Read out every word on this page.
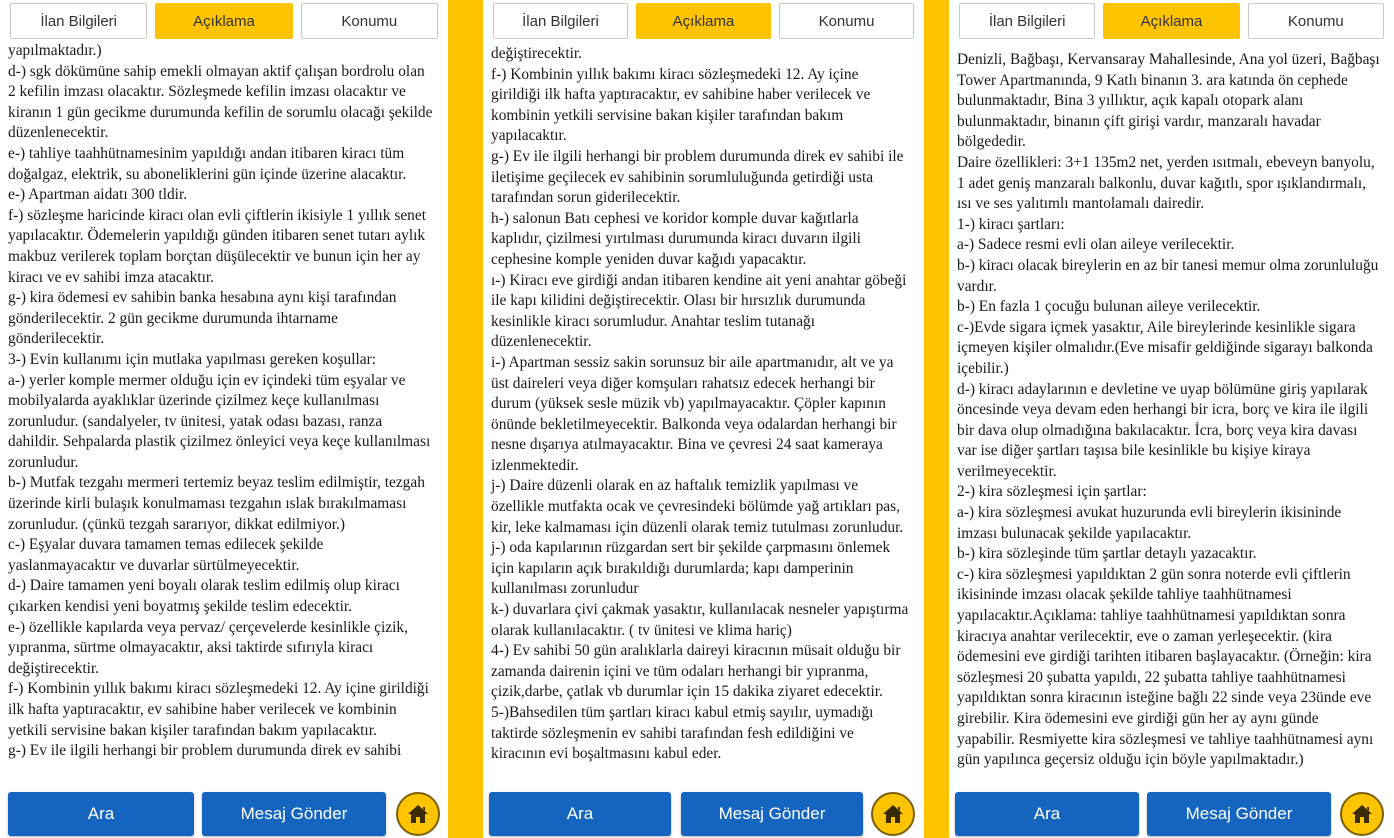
İlan Bilgileri	Açıklama	Konumu

yapılmaktadır.)

d-) sgk dökümüne sahip emekli olmayan aktif çalışan bordrolu olan 2 kefilin imzası olacaktır. Sözleşmede kefilin imzası olacaktır ve kiranın 1 gün gecikme durumunda kefilin de sorumlu olacağı şekilde düzenlenecektir.

e-) tahliye taahhütnamesinim yapıldığı andan itibaren kiracı tüm doğalgaz, elektrik, su aboneliklerini gün içinde üzerine alacaktır.

e-) Apartman aidatı 300 tldir.

f-) sözleşme haricinde kiracı olan evli çiftlerin ikisiyle 1 yıllık senet yapılacaktır. Ödemelerin yapıldığı günden itibaren senet tutarı aylık makbuz verilerek toplam borçtan düşülecektir ve bunun için her ay kiracı ve ev sahibi imza atacaktır.

g-) kira ödemesi ev sahibin banka hesabına aynı kişi tarafından gönderilecektir. 2 gün gecikme durumunda ihtarname gönderilecektir.

3-) Evin kullanımı için mutlaka yapılması gereken koşullar:

a-) yerler komple mermer olduğu için ev içindeki tüm eşyalar ve mobilyalarda ayaklıklar üzerinde çizilmez keçe kullanılması zorunludur. (sandalyeler, tv ünitesi, yatak odası bazası, ranza dahildir. Sehpalarda plastik çizilmez önleyici veya keçe kullanılması zorunludur.

b-) Mutfak tezgahı mermeri tertemiz beyaz teslim edilmiştir, tezgah üzerinde kirli bulaşık konulmaması tezgahın ıslak bırakılmaması zorunludur. (çünkü tezgah sararıyor, dikkat edilmiyor.)

c-) Eşyalar duvara tamamen temas edilecek şekilde yaslanmayacaktır ve duvarlar sürtülmeyecektir.

d-) Daire tamamen yeni boyalı olarak teslim edilmiş olup kiracı çıkarken kendisi yeni boyatmış şekilde teslim edecektir.

e-) özellikle kapılarda veya pervaz/ çerçevelerde kesinlikle çizik, yıpranma, sürtme olmayacaktır, aksi taktirde sıfırıyla kiracı değiştirecektir.

f-) Kombinin yıllık bakımı kiracı sözleşmedeki 12. Ay içine girildiği ilk hafta yaptıracaktır, ev sahibine haber verilecek ve kombinin yetkili servisine bakan kişiler tarafından bakım yapılacaktır.

g-) Ev ile ilgili herhangi bir problem durumunda direk ev sahibi

Ara	Mesaj Gönder
İlan Bilgileri	Açıklama	Konumu

değiştirecektir.

f-) Kombinin yıllık bakımı kiracı sözleşmedeki 12. Ay içine girildiği ilk hafta yaptıracaktır, ev sahibine haber verilecek ve kombinin yetkili servisine bakan kişiler tarafından bakım yapılacaktır.

g-) Ev ile ilgili herhangi bir problem durumunda direk ev sahibi ile iletişime geçilecek ev sahibinin sorumluluğunda getirdiği usta tarafından sorun giderilecektir.

h-) salonun Batı cephesi ve koridor komple duvar kağıtlarla kaplıdır, çizilmesi yırtılması durumunda kiracı duvarın ilgili cephesine komple yeniden duvar kağıdı yapacaktır.

ı-) Kiracı eve girdiği andan itibaren kendine ait yeni anahtar göbeği ile kapı kilidini değiştirecektir. Olası bir hırsızlık durumunda kesinlikle kiracı sorumludur. Anahtar teslim tutanağı düzenlenecektir.

i-) Apartman sessiz sakin sorunsuz bir aile apartmanıdır, alt ve ya üst daireleri veya diğer komşuları rahatsız edecek herhangi bir durum (yüksek sesle müzik vb) yapılmayacaktır. Çöpler kapının önünde bekletilmeyecektir. Balkonda veya odalardan herhangi bir nesne dışarıya atılmayacaktır. Bina ve çevresi 24 saat kameraya izlenmektedir.

j-) Daire düzenli olarak en az haftalık temizlik yapılması ve özellikle mutfakta ocak ve çevresindeki bölümde yağ artıkları pas, kir, leke kalmaması için düzenli olarak temiz tutulması zorunludur.

j-) oda kapılarının rüzgardan sert bir şekilde çarpmasını önlemek için kapıların açık bırakıldığı durumlarda; kapı damperinin kullanılması zorunludur

k-) duvarlara çivi çakmak yasaktır, kullanılacak nesneler yapıştırma olarak kullanılacaktır. ( tv ünitesi ve klima hariç)

4-) Ev sahibi 50 gün aralıklarla daireyi kiracının müsait olduğu bir zamanda dairenin içini ve tüm odaları herhangi bir yıpranma, çizik,darbe, çatlak vb durumlar için 15 dakika ziyaret edecektir.

5-)Bahsedilen tüm şartları kiracı kabul etmiş sayılır, uymadığı taktirde sözleşmenin ev sahibi tarafından fesh edildiğini ve kiracının evi boşaltmasını kabul eder.

Ara	Mesaj Gönder
İlan Bilgileri	Açıklama	Konumu

Denizli, Bağbaşı, Kervansaray Mahallesinde, Ana yol üzeri, Bağbaşı Tower Apartmanında, 9 Katlı binanın 3. ara katında ön cephede bulunmaktadır, Bina 3 yıllıktır, açık kapalı otopark alanı bulunmaktadır, binanın çift girişi vardır, manzaralı havadar bölgededir.

Daire özellikleri: 3+1 135m2 net, yerden ısıtmalı, ebeveyn banyolu, 1 adet geniş manzaralı balkonlu, duvar kağıtlı, spor ışıklandırmalı, ısı ve ses yalıtımlı mantolamalı dairedir.

1-) kiracı şartları:

a-) Sadece resmi evli olan aileye verilecektir.

b-) kiracı olacak bireylerin en az bir tanesi memur olma zorunluluğu vardır.

b-) En fazla 1 çocuğu bulunan aileye verilecektir.

c-)Evde sigara içmek yasaktır, Aile bireylerinde kesinlikle sigara içmeyen kişiler olmalıdır.(Eve misafir geldiğinde sigarayı balkonda içebilir.)

d-) kiracı adaylarının e devletine ve uyap bölümüne giriş yapılarak öncesinde veya devam eden herhangi bir icra, borç ve kira ile ilgili bir dava olup olmadığına bakılacaktır. İcra, borç veya kira davası var ise diğer şartları taşısa bile kesinlikle bu kişiye kiraya verilmeyecektir.

2-) kira sözleşmesi için şartlar:

a-) kira sözleşmesi avukat huzurunda evli bireylerin ikisininde imzası bulunacak şekilde yapılacaktır.

b-) kira sözleşinde tüm şartlar detaylı yazacaktır.

c-) kira sözleşmesi yapıldıktan 2 gün sonra noterde evli çiftlerin ikisininde imzası olacak şekilde tahliye taahhütnamesi yapılacaktır.Açıklama: tahliye taahhütnamesi yapıldıktan sonra kiracıya anahtar verilecektir, eve o zaman yerleşecektir. (kira ödemesini eve girdiği tarihten itibaren başlayacaktır. (Örneğin: kira sözleşmesi 20 şubatta yapıldı, 22 şubatta tahliye taahhütnamesi yapıldıktan sonra kiracının isteğine bağlı 22 sinde veya 23ünde eve girebilir. Kira ödemesini eve girdiği gün her ay aynı günde yapabilir. Resmiyette kira sözleşmesi ve tahliye taahhütnamesi aynı gün yapılınca geçersiz olduğu için böyle yapılmaktadır.)

Ara	Mesaj Gönder
